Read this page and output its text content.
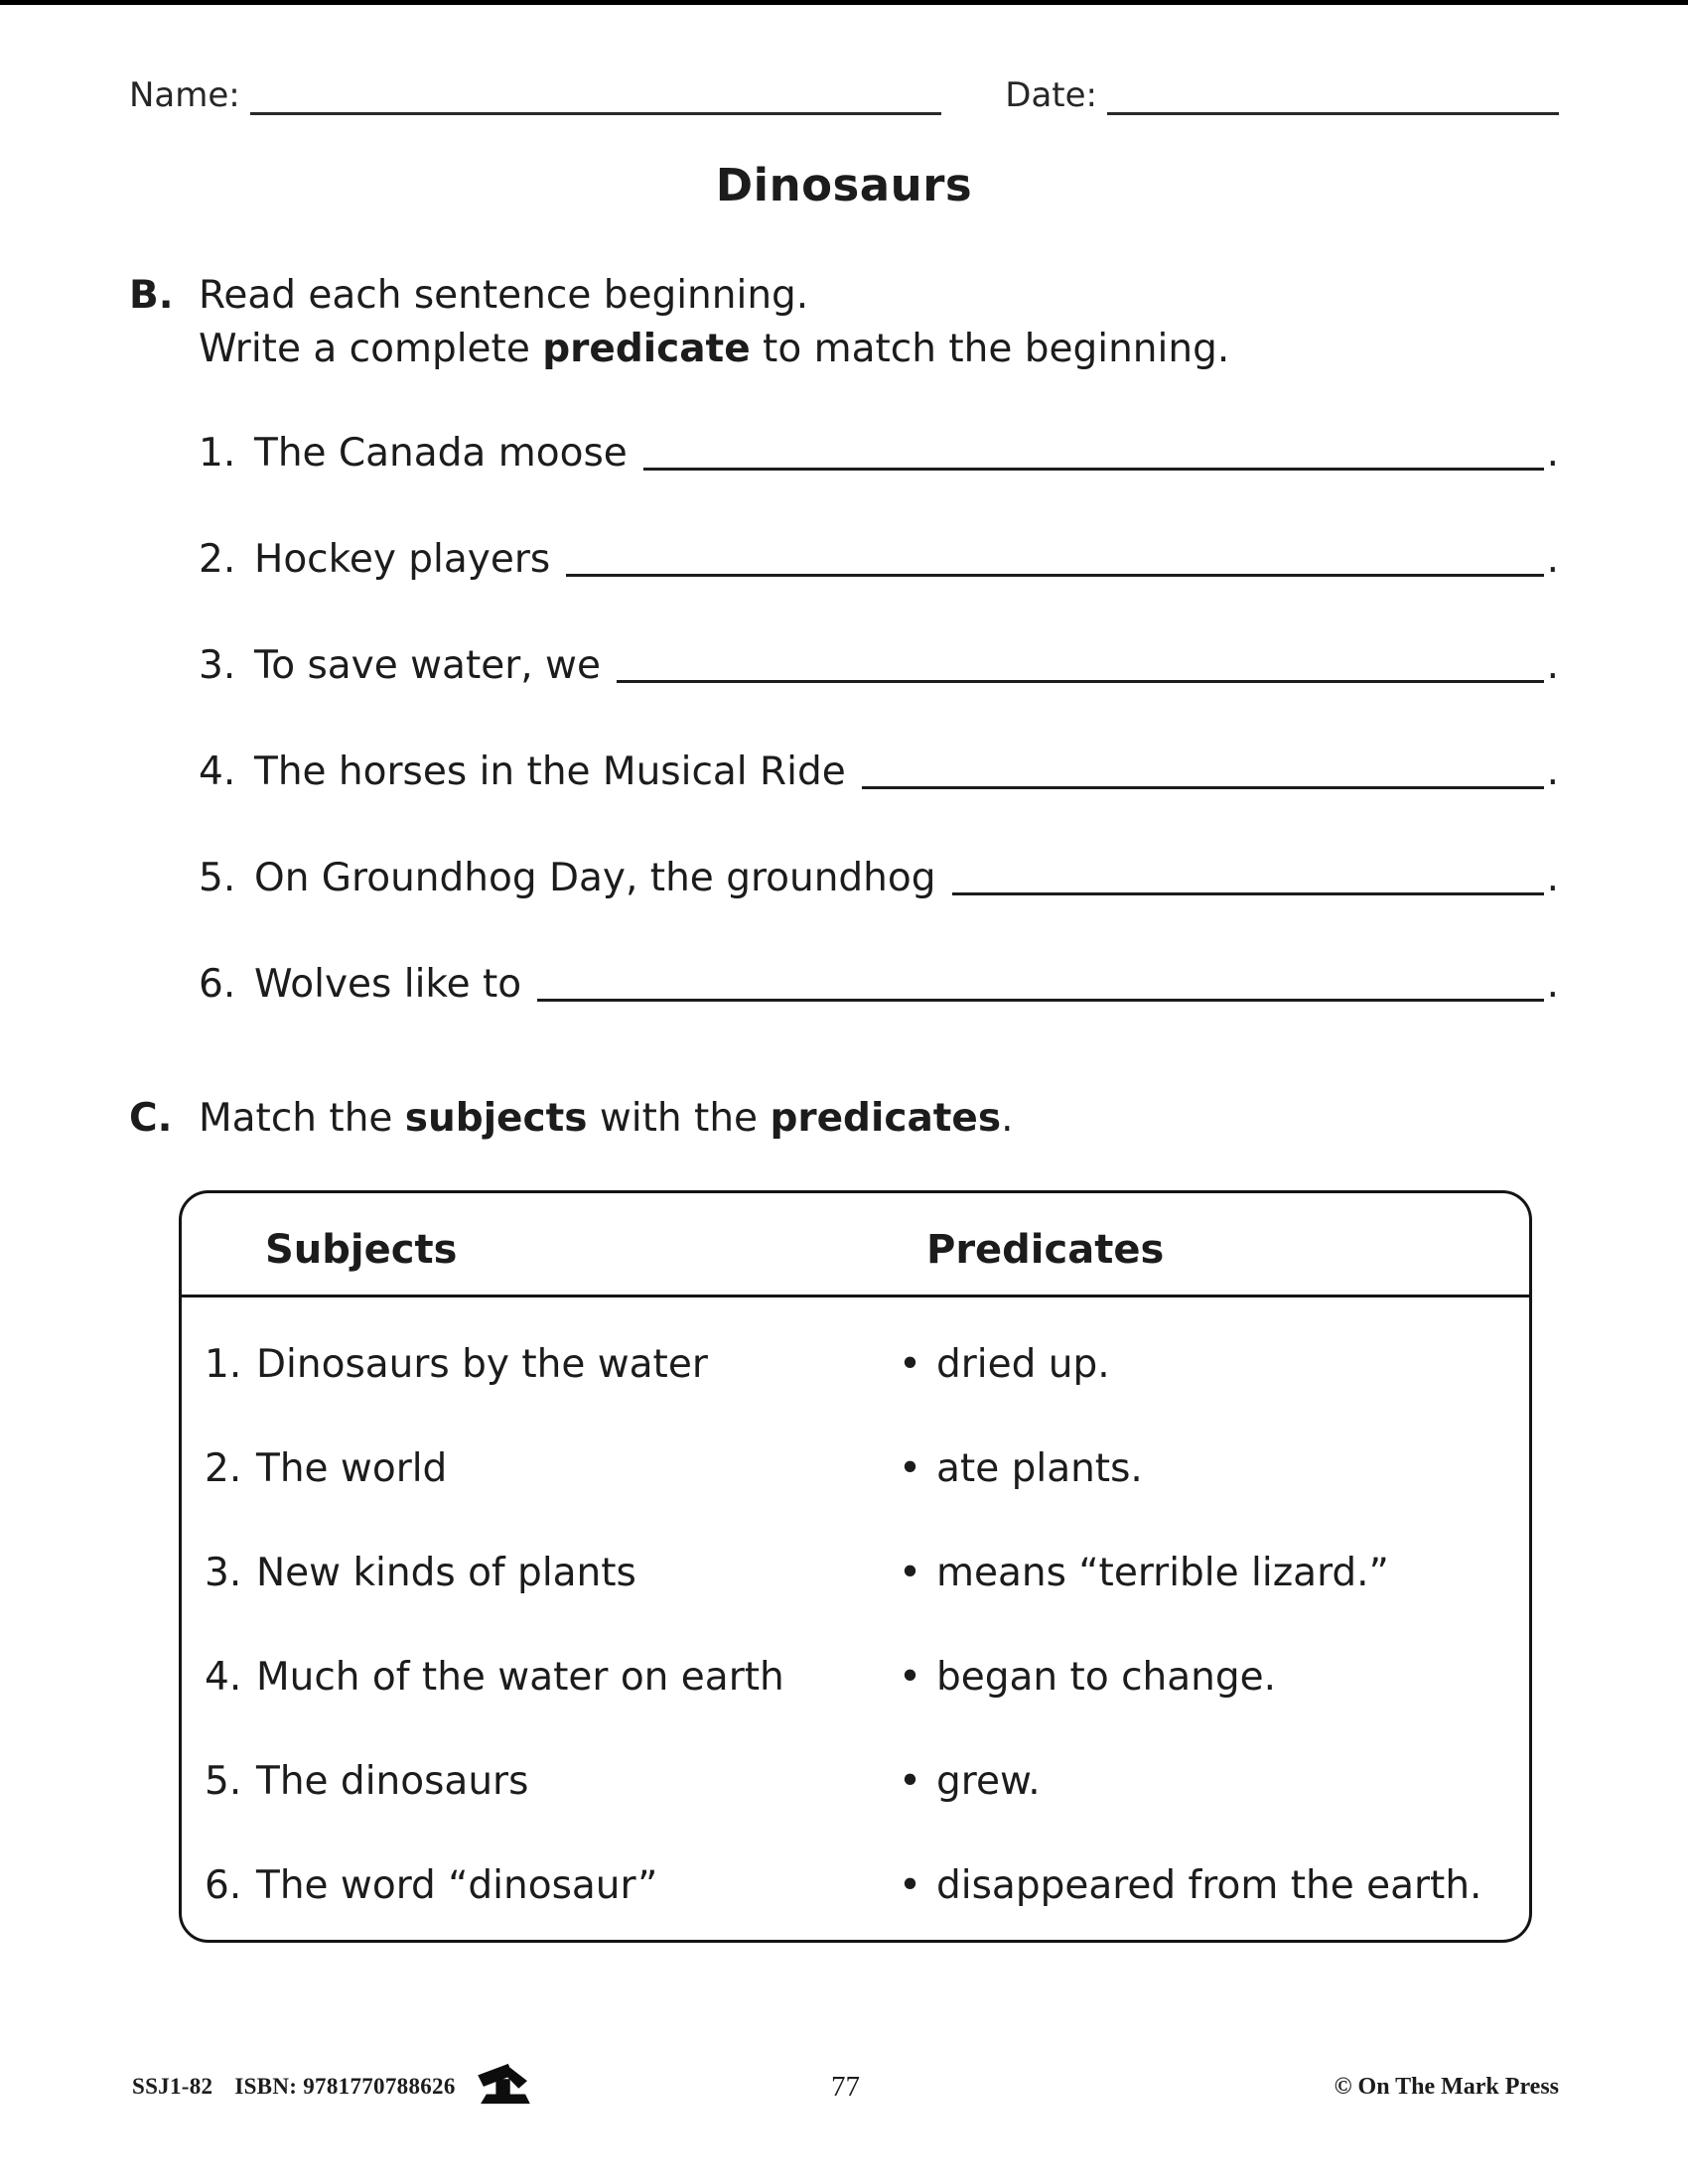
Name:	Date:
Dinosaurs
B. Read each sentence beginning.
Write a complete predicate to match the beginning.
1. The Canada moose	.
2. Hockey players	.
3. To save water, we	.
4. The horses in the Musical Ride	.
5. On Groundhog Day, the groundhog	.
6. Wolves like to	.
C. Match the subjects with the predicates.
Subjects	Predicates
1. Dinosaurs by the water	• dried up.
2. The world	• ate plants.
3. New kinds of plants	• means “terrible lizard.”
4. Much of the water on earth	• began to change.
5. The dinosaurs	• grew.
6. The word “dinosaur”	• disappeared from the earth.
77
SSJ1-82 ISBN: 9781770788626	© On The Mark Press
